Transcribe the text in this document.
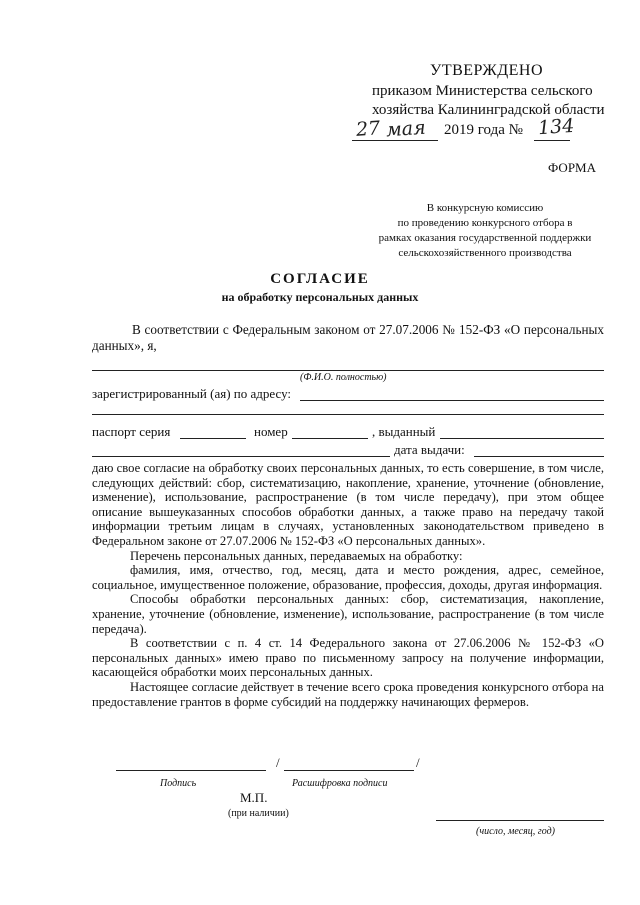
УТВЕРЖДЕНО
приказом Министерства сельского
хозяйства Калининградской области
27 мая 2019 года № 134
ФОРМА
В конкурсную комиссию
по проведению конкурсного отбора в
рамках оказания государственной поддержки
сельскохозяйственного производства
СОГЛАСИЕ
на обработку персональных данных
В соответствии с Федеральным законом от 27.07.2006 № 152-ФЗ «О персональных данных», я,
(Ф.И.О. полностью)
зарегистрированный (ая) по адресу:
паспорт серия	номер	, выданный
дата выдачи:

даю свое согласие на обработку своих персональных данных, то есть совершение, в том числе, следующих действий: сбор, систематизацию, накопление, хранение, уточнение (обновление, изменение), использование, распространение (в том числе передачу), при этом общее описание вышеуказанных способов обработки данных, а также право на передачу такой информации третьим лицам в случаях, установленных законодательством приведено в Федеральном законе от 27.07.2006 № 152-ФЗ «О персональных данных».

Перечень персональных данных, передаваемых на обработку:

фамилия, имя, отчество, год, месяц, дата и место рождения, адрес, семейное, социальное, имущественное положение, образование, профессия, доходы, другая информация.

Способы обработки персональных данных: сбор, систематизация, накопление, хранение, уточнение (обновление, изменение), использование, распространение (в том числе передача).

В соответствии с п. 4 ст. 14 Федерального закона от 27.06.2006 № 152-ФЗ «О персональных данных» имею право по письменному запросу на получение информации, касающейся обработки моих персональных данных.

Настоящее согласие действует в течение всего срока проведения конкурсного отбора на предоставление грантов в форме субсидий на поддержку начинающих фермеров.

/	/
Подпись	Расшифровка подписи
М.П.
(при наличии)
(число, месяц, год)
